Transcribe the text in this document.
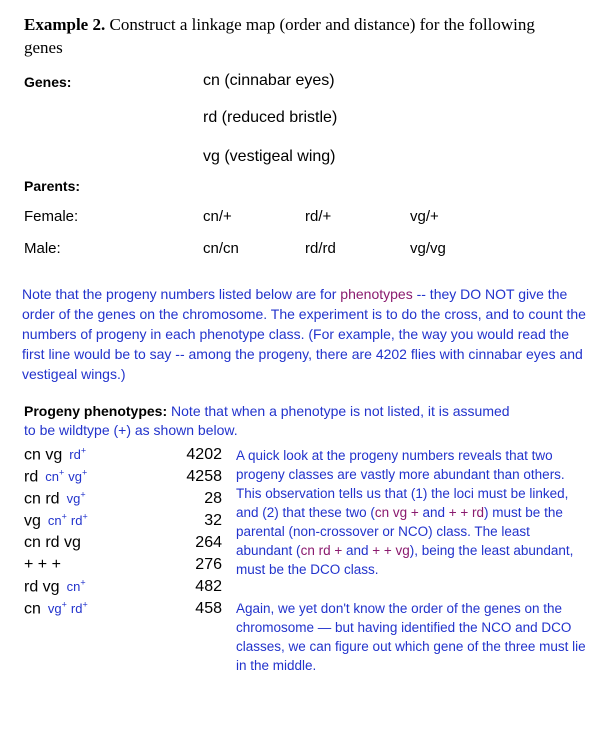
Example 2. Construct a linkage map (order and distance) for the following
genes
Genes:	cn (cinnabar eyes)
rd (reduced bristle)
vg (vestigeal wing)
Parents:
Female:	cn/+	rd/+	vg/+
Male:	cn/cn	rd/rd	vg/vg
Note that the progeny numbers listed below are for phenotypes -- they DO NOT give the order of the genes on the chromosome. The experiment is to do the cross, and to count the numbers of progeny in each phenotype class. (For example, the way you would read the first line would be to say -- among the progeny, there are 4202 flies with cinnabar eyes and vestigeal wings.)
Progeny phenotypes: Note that when a phenotype is not listed, it is assumed
to be wildtype (+) as shown below.
cn vg rd+	4202
rd cn+ vg+	4258
cn rd vg+	28
vg cn+ rd+	32
cn rd vg	264
+ + +	276
rd vg cn+	482
cn vg+ rd+	458
A quick look at the progeny numbers reveals that two progeny classes are vastly more abundant than others. This observation tells us that (1) the loci must be linked, and (2) that these two (cn vg + and + + rd) must be the parental (non-crossover or NCO) class. The least abundant (cn rd + and + + vg), being the least abundant, must be the DCO class.
Again, we yet don't know the order of the genes on the chromosome — but having identified the NCO and DCO classes, we can figure out which gene of the three must lie in the middle.
